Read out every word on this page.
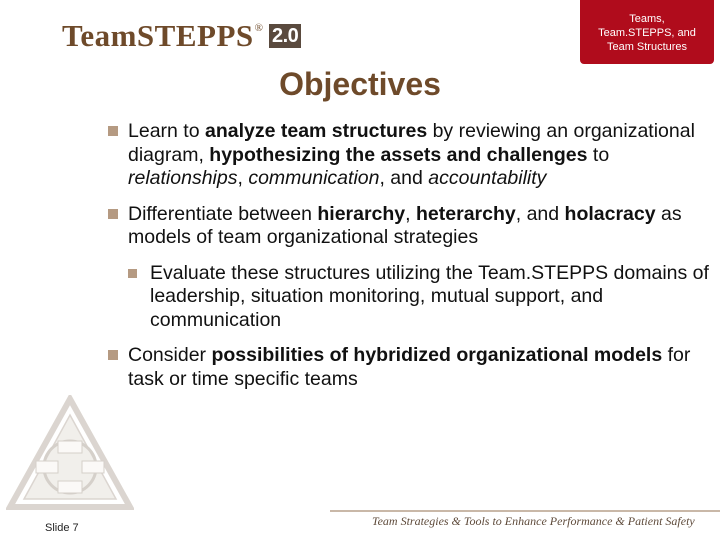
TeamSTEPPS ® 2.0
Teams,
Team.STEPPS, and
Team Structures
Objectives
Learn to analyze team structures by reviewing an organizational diagram, hypothesizing the assets and challenges to relationships, communication, and accountability
Differentiate between hierarchy, heterarchy, and holacracy as models of team organizational strategies
Evaluate these structures utilizing the Team.STEPPS domains of leadership, situation monitoring, mutual support, and communication
Consider possibilities of hybridized organizational models for task or time specific teams
Team Strategies & Tools to Enhance Performance & Patient Safety
Slide 7
